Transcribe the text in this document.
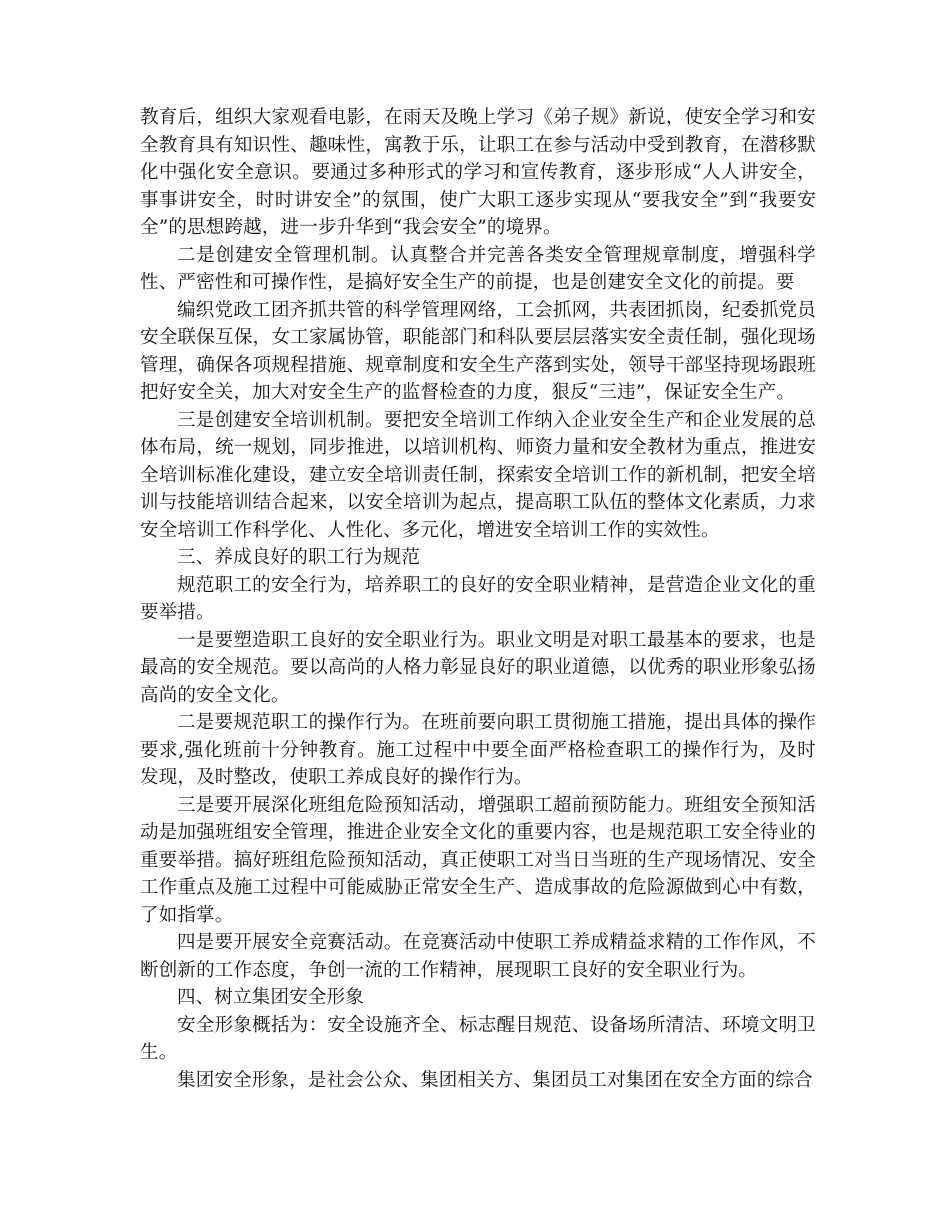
教育后，组织大家观看电影，在雨天及晚上学习《弟子规》新说，使安全学习和安全教育具有知识性、趣味性，寓教于乐，让职工在参与活动中受到教育，在潜移默化中强化安全意识。要通过多种形式的学习和宣传教育，逐步形成“人人讲安全，事事讲安全，时时讲安全”的氛围，使广大职工逐步实现从“要我安全”到“我要安全”的思想跨越，进一步升华到“我会安全”的境界。

二是创建安全管理机制。认真整合并完善各类安全管理规章制度，增强科学性、严密性和可操作性，是搞好安全生产的前提，也是创建安全文化的前提。要

编织党政工团齐抓共管的科学管理网络，工会抓网，共表团抓岗，纪委抓党员安全联保互保，女工家属协管，职能部门和科队要层层落实安全责任制，强化现场管理，确保各项规程措施、规章制度和安全生产落到实处，领导干部坚持现场跟班把好安全关，加大对安全生产的监督检查的力度，狠反“三违”，保证安全生产。

三是创建安全培训机制。要把安全培训工作纳入企业安全生产和企业发展的总体布局，统一规划，同步推进，以培训机构、师资力量和安全教材为重点，推进安全培训标准化建设，建立安全培训责任制，探索安全培训工作的新机制，把安全培训与技能培训结合起来，以安全培训为起点，提高职工队伍的整体文化素质，力求安全培训工作科学化、人性化、多元化，增进安全培训工作的实效性。

三、养成良好的职工行为规范

规范职工的安全行为，培养职工的良好的安全职业精神，是营造企业文化的重要举措。

一是要塑造职工良好的安全职业行为。职业文明是对职工最基本的要求，也是最高的安全规范。要以高尚的人格力彰显良好的职业道德，以优秀的职业形象弘扬高尚的安全文化。

二是要规范职工的操作行为。在班前要向职工贯彻施工措施，提出具体的操作要求,强化班前十分钟教育。施工过程中中要全面严格检查职工的操作行为，及时发现，及时整改，使职工养成良好的操作行为。

三是要开展深化班组危险预知活动，增强职工超前预防能力。班组安全预知活动是加强班组安全管理，推进企业安全文化的重要内容，也是规范职工安全待业的重要举措。搞好班组危险预知活动，真正使职工对当日当班的生产现场情况、安全工作重点及施工过程中可能威胁正常安全生产、造成事故的危险源做到心中有数，了如指掌。

四是要开展安全竞赛活动。在竞赛活动中使职工养成精益求精的工作作风，不断创新的工作态度，争创一流的工作精神，展现职工良好的安全职业行为。

四、树立集团安全形象

安全形象概括为：安全设施齐全、标志醒目规范、设备场所清洁、环境文明卫生。

集团安全形象，是社会公众、集团相关方、集团员工对集团在安全方面的综合
